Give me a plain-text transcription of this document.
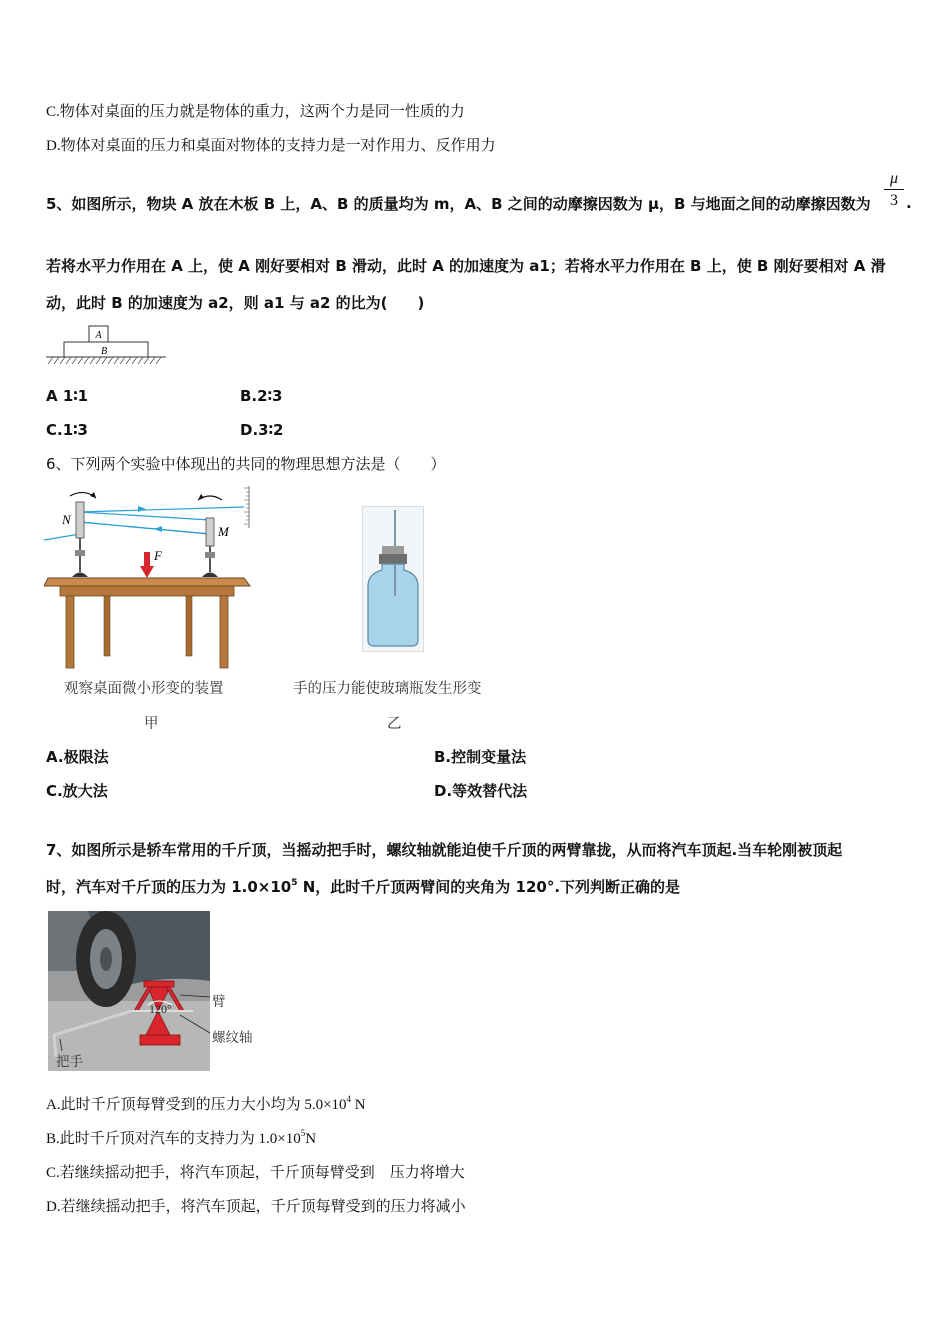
C.物体对桌面的压力就是物体的重力，这两个力是同一性质的力
D.物体对桌面的压力和桌面对物体的支持力是一对作用力、反作用力
5、如图所示，物块 A 放在木板 B 上，A、B 的质量均为 m，A、B 之间的动摩擦因数为 μ，B 与地面之间的动摩擦因数为 $\frac{\mu}{3}$ .
若将水平力作用在 A 上，使 A 刚好要相对 B 滑动，此时 A 的加速度为 a1；若将水平力作用在 B 上，使 B 刚好要相对 A 滑
动，此时 B 的加速度为 a2，则 a1 与 a2 的比为(　　)
A
B
A 1∶1	B.2∶3
C.1∶3	D.3∶2
6、下列两个实验中体现出的共同的物理思想方法是（　　）
N
M
F
观察桌面微小形变的装置	手的压力能使玻璃瓶发生形变
甲	乙
A.极限法	B.控制变量法
C.放大法	D.等效替代法
7、如图所示是轿车常用的千斤顶，当摇动把手时，螺纹轴就能迫使千斤顶的两臂靠拢，从而将汽车顶起.当车轮刚被顶起
时，汽车对千斤顶的压力为 $1.0\times 10^5$ N，此时千斤顶两臂间的夹角为 120°.下列判断正确的是
120°	臂
螺纹轴
把手
A.此时千斤顶每臂受到的压力大小均为 $5.0\times 10^4$ N
B.此时千斤顶对汽车的支持力为 $1.0\times 10^5N$
C.若继续摇动把手，将汽车顶起，千斤顶每臂受到　压力将增大
D.若继续摇动把手，将汽车顶起，千斤顶每臂受到的压力将减小
